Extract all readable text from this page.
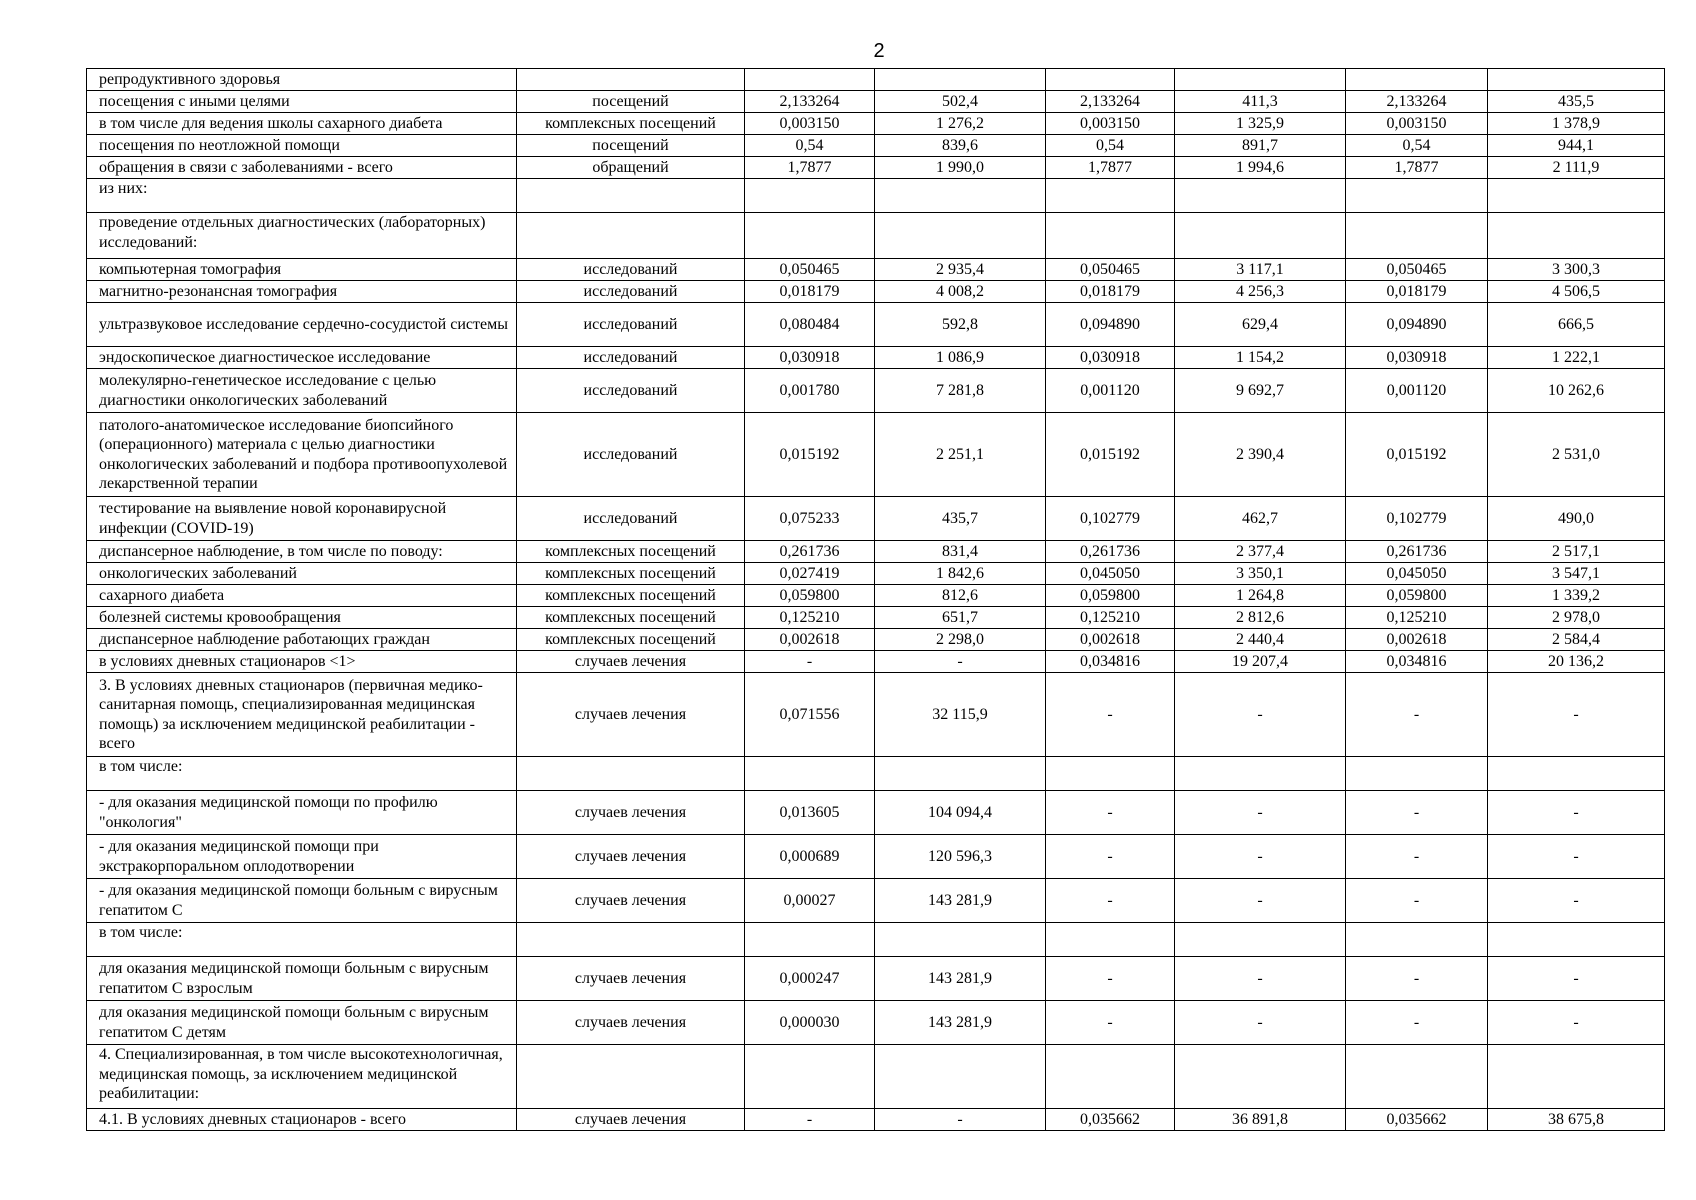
2
репродуктивного здоровья							
посещения с иными целями	посещений	2,133264	502,4	2,133264	411,3	2,133264	435,5
в том числе для ведения школы сахарного диабета	комплексных посещений	0,003150	1 276,2	0,003150	1 325,9	0,003150	1 378,9
посещения по неотложной помощи	посещений	0,54	839,6	0,54	891,7	0,54	944,1
обращения в связи с заболеваниями - всего	обращений	1,7877	1 990,0	1,7877	1 994,6	1,7877	2 111,9
из них:							
проведение отдельных диагностических (лабораторных) исследований:							
компьютерная томография	исследований	0,050465	2 935,4	0,050465	3 117,1	0,050465	3 300,3
магнитно-резонансная томография	исследований	0,018179	4 008,2	0,018179	4 256,3	0,018179	4 506,5
ультразвуковое исследование сердечно-сосудистой системы	исследований	0,080484	592,8	0,094890	629,4	0,094890	666,5
эндоскопическое диагностическое исследование	исследований	0,030918	1 086,9	0,030918	1 154,2	0,030918	1 222,1
молекулярно-генетическое исследование с целью диагностики онкологических заболеваний	исследований	0,001780	7 281,8	0,001120	9 692,7	0,001120	10 262,6
патолого-анатомическое исследование биопсийного (операционного) материала с целью диагностики онкологических заболеваний и подбора противоопухолевой лекарственной терапии	исследований	0,015192	2 251,1	0,015192	2 390,4	0,015192	2 531,0
тестирование на выявление новой коронавирусной инфекции (COVID-19)	исследований	0,075233	435,7	0,102779	462,7	0,102779	490,0
диспансерное наблюдение, в том числе по поводу:	комплексных посещений	0,261736	831,4	0,261736	2 377,4	0,261736	2 517,1
онкологических заболеваний	комплексных посещений	0,027419	1 842,6	0,045050	3 350,1	0,045050	3 547,1
сахарного диабета	комплексных посещений	0,059800	812,6	0,059800	1 264,8	0,059800	1 339,2
болезней системы кровообращения	комплексных посещений	0,125210	651,7	0,125210	2 812,6	0,125210	2 978,0
диспансерное наблюдение работающих граждан	комплексных посещений	0,002618	2 298,0	0,002618	2 440,4	0,002618	2 584,4
в условиях дневных стационаров <1>	случаев лечения	-	-	0,034816	19 207,4	0,034816	20 136,2
3. В условиях дневных стационаров (первичная медико-санитарная помощь, специализированная медицинская помощь) за исключением медицинской реабилитации - всего	случаев лечения	0,071556	32 115,9	-	-	-	-
в том числе:							
- для оказания медицинской помощи по профилю "онкология"	случаев лечения	0,013605	104 094,4	-	-	-	-
- для оказания медицинской помощи при экстракорпоральном оплодотворении	случаев лечения	0,000689	120 596,3	-	-	-	-
- для оказания медицинской помощи больным с вирусным гепатитом С	случаев лечения	0,00027	143 281,9	-	-	-	-
в том числе:							
для оказания медицинской помощи больным с вирусным гепатитом С взрослым	случаев лечения	0,000247	143 281,9	-	-	-	-
для оказания медицинской помощи больным с вирусным гепатитом С детям	случаев лечения	0,000030	143 281,9	-	-	-	-
4. Специализированная, в том числе высокотехнологичная, медицинская помощь, за исключением медицинской реабилитации:							
4.1. В условиях дневных стационаров - всего	случаев лечения	-	-	0,035662	36 891,8	0,035662	38 675,8
